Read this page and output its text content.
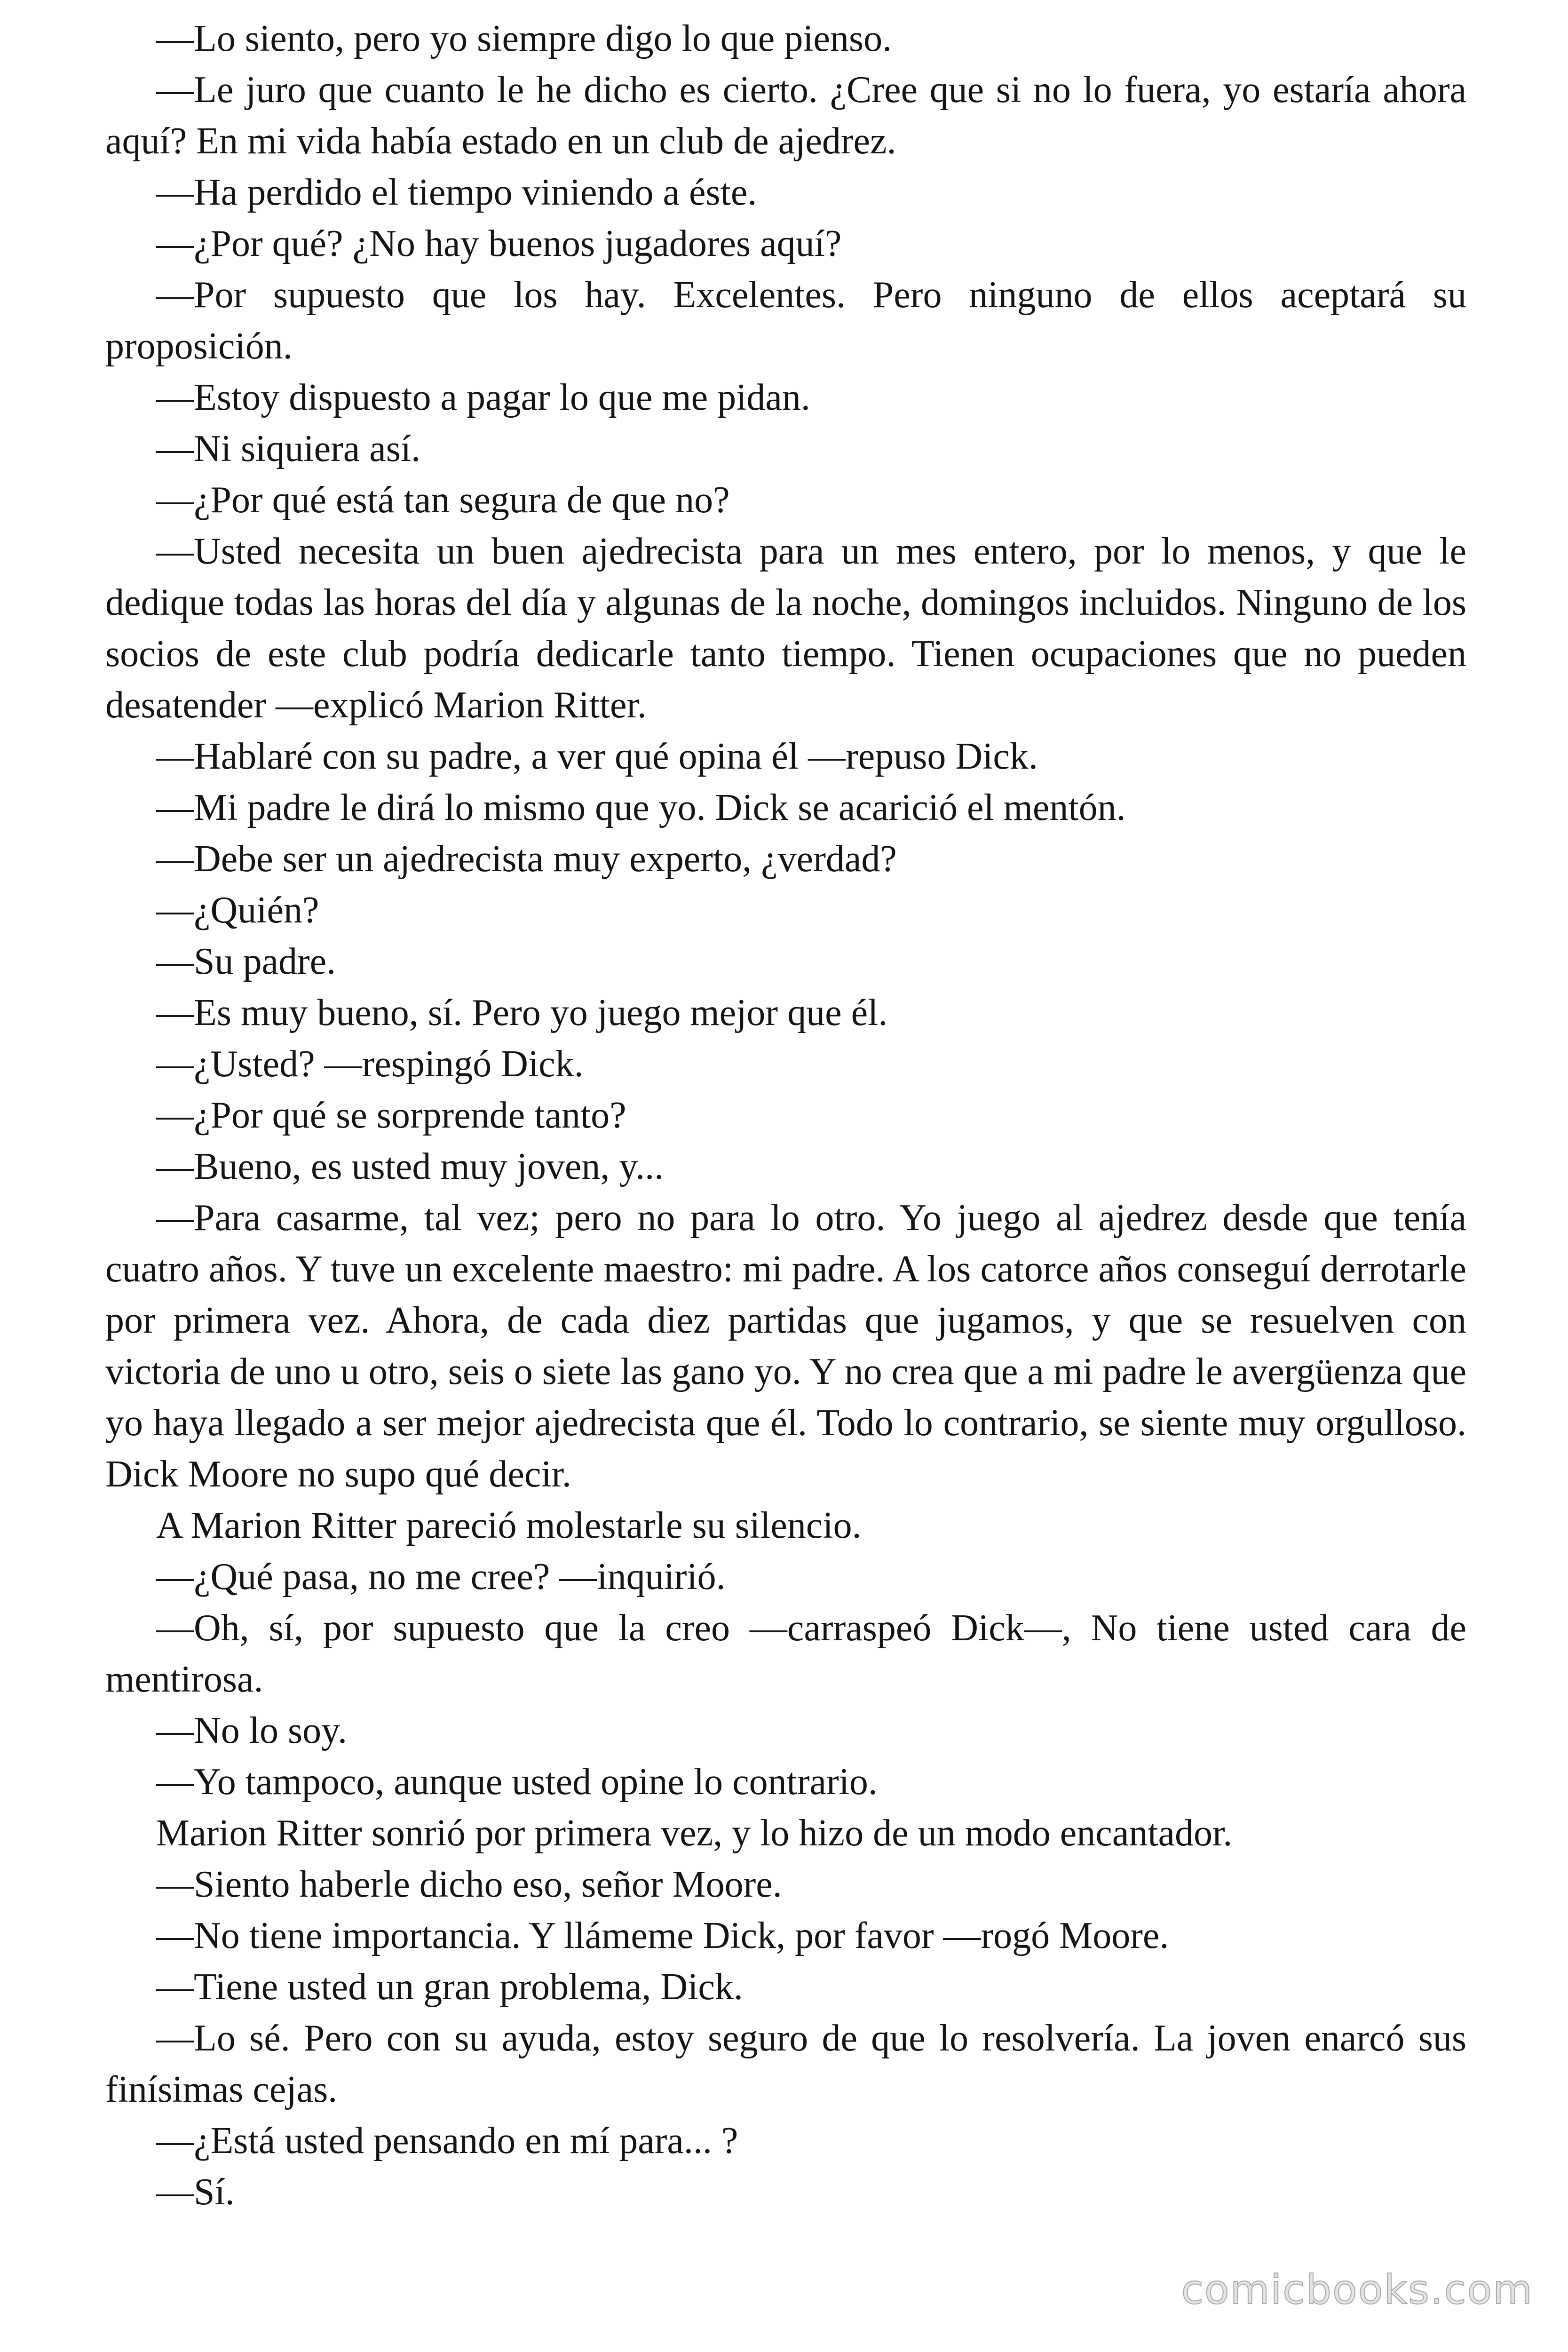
—Lo siento, pero yo siempre digo lo que pienso.

—Le juro que cuanto le he dicho es cierto. ¿Cree que si no lo fuera, yo estaría ahora aquí? En mi vida había estado en un club de ajedrez.

—Ha perdido el tiempo viniendo a éste.

—¿Por qué? ¿No hay buenos jugadores aquí?

—Por supuesto que los hay. Excelentes. Pero ninguno de ellos aceptará su proposición.

—Estoy dispuesto a pagar lo que me pidan.

—Ni siquiera así.

—¿Por qué está tan segura de que no?

—Usted necesita un buen ajedrecista para un mes entero, por lo menos, y que le dedique todas las horas del día y algunas de la noche, domingos incluidos. Ninguno de los socios de este club podría dedicarle tanto tiempo. Tienen ocupaciones que no pueden desatender —explicó Marion Ritter.

—Hablaré con su padre, a ver qué opina él —repuso Dick.

—Mi padre le dirá lo mismo que yo. Dick se acarició el mentón.

—Debe ser un ajedrecista muy experto, ¿verdad?

—¿Quién?

—Su padre.

—Es muy bueno, sí. Pero yo juego mejor que él.

—¿Usted? —respingó Dick.

—¿Por qué se sorprende tanto?

—Bueno, es usted muy joven, y...

—Para casarme, tal vez; pero no para lo otro. Yo juego al ajedrez desde que tenía cuatro años. Y tuve un excelente maestro: mi padre. A los catorce años conseguí derrotarle por primera vez. Ahora, de cada diez partidas que jugamos, y que se resuelven con victoria de uno u otro, seis o siete las gano yo. Y no crea que a mi padre le avergüenza que yo haya llegado a ser mejor ajedrecista que él. Todo lo contrario, se siente muy orgulloso. Dick Moore no supo qué decir.

A Marion Ritter pareció molestarle su silencio.

—¿Qué pasa, no me cree? —inquirió.

—Oh, sí, por supuesto que la creo —carraspeó Dick—, No tiene usted cara de mentirosa.

—No lo soy.

—Yo tampoco, aunque usted opine lo contrario.

Marion Ritter sonrió por primera vez, y lo hizo de un modo encantador.

—Siento haberle dicho eso, señor Moore.

—No tiene importancia. Y llámeme Dick, por favor —rogó Moore.

—Tiene usted un gran problema, Dick.

—Lo sé. Pero con su ayuda, estoy seguro de que lo resolvería. La joven enarcó sus finísimas cejas.

—¿Está usted pensando en mí para... ?

—Sí.

comicbooks.com
